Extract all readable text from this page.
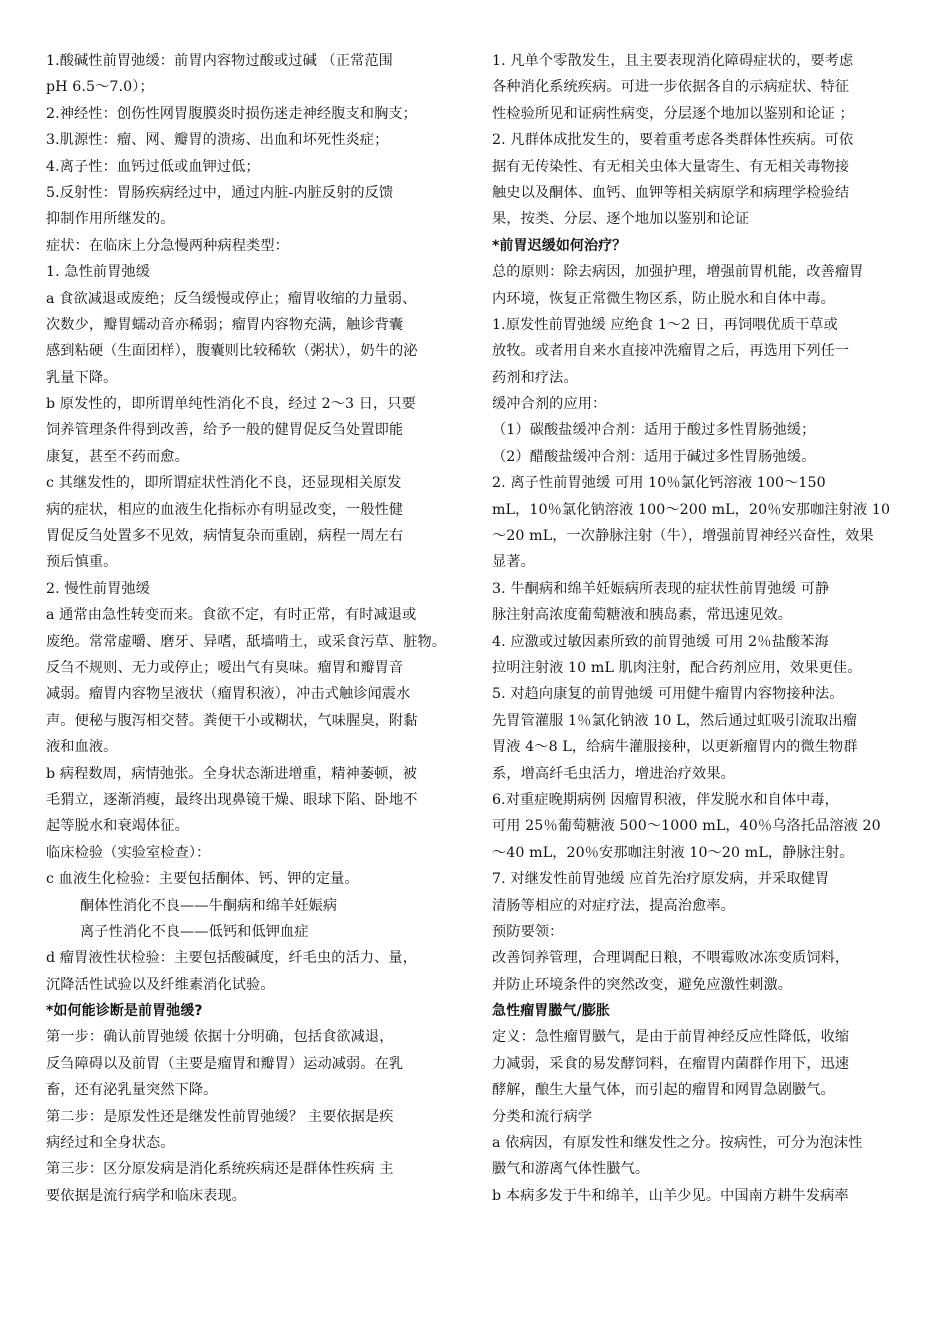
1.酸碱性前胃弛缓：前胃内容物过酸或过碱 （正常范围
pH 6.5～7.0）；
2.神经性：创伤性网胃腹膜炎时损伤迷走神经腹支和胸支；
3.肌源性：瘤、网、瓣胃的溃疡、出血和坏死性炎症；
4.离子性：血钙过低或血钾过低；
5.反射性：胃肠疾病经过中，通过内脏-内脏反射的反馈
抑制作用所继发的。
症状：在临床上分急慢两种病程类型：
1. 急性前胃弛缓
a 食欲减退或废绝；反刍缓慢或停止；瘤胃收缩的力量弱、
次数少，瓣胃蠕动音亦稀弱；瘤胃内容物充满，触诊背囊
感到粘硬（生面团样），腹囊则比较稀软（粥状），奶牛的泌
乳量下降。
b 原发性的，即所谓单纯性消化不良，经过 2～3 日，只要
饲养管理条件得到改善，给予一般的健胃促反刍处置即能
康复，甚至不药而愈。
c 其继发性的，即所谓症状性消化不良，还显现相关原发
病的症状，相应的血液生化指标亦有明显改变，一般性健
胃促反刍处置多不见效，病情复杂而重剧，病程一周左右
预后慎重。
2. 慢性前胃弛缓
a 通常由急性转变而来。食欲不定，有时正常，有时减退或
废绝。常常虚嚼、磨牙、异嗜，舐墙啃土，或采食污草、脏物。
反刍不规则、无力或停止；嗳出气有臭味。瘤胃和瓣胃音
减弱。瘤胃内容物呈液状（瘤胃积液），冲击式触诊闻震水
声。便秘与腹泻相交替。粪便干小或糊状，气味腥臭，附黏
液和血液。
b 病程数周，病情弛张。全身状态渐进增重，精神萎顿，被
毛猬立，逐渐消瘦，最终出现鼻镜干燥、眼球下陷、卧地不
起等脱水和衰竭体征。
临床检验（实验室检查）：
c 血液生化检验：主要包括酮体、钙、钾的定量。
酮体性消化不良——牛酮病和绵羊妊娠病
离子性消化不良——低钙和低钾血症
d 瘤胃液性状检验：主要包括酸碱度，纤毛虫的活力、量，
沉降活性试验以及纤维素消化试验。
*如何能诊断是前胃弛缓?
第一步：确认前胃弛缓 依据十分明确，包括食欲减退，
反刍障碍以及前胃（主要是瘤胃和瓣胃）运动减弱。在乳
畜，还有泌乳量突然下降。
第二步：是原发性还是继发性前胃弛缓？ 主要依据是疾
病经过和全身状态。
第三步：区分原发病是消化系统疾病还是群体性疾病 主
要依据是流行病学和临床表现。
1. 凡单个零散发生，且主要表现消化障碍症状的，要考虑
各种消化系统疾病。可进一步依据各自的示病症状、特征
性检验所见和证病性病变，分层逐个地加以鉴别和论证 ；
2. 凡群体成批发生的，要着重考虑各类群体性疾病。可依
据有无传染性、有无相关虫体大量寄生、有无相关毒物接
触史以及酮体、血钙、血钾等相关病原学和病理学检验结
果，按类、分层、逐个地加以鉴别和论证
*前胃迟缓如何治疗？
总的原则：除去病因，加强护理，增强前胃机能，改善瘤胃
内环境，恢复正常微生物区系，防止脱水和自体中毒。
1.原发性前胃弛缓 应绝食 1～2 日，再饲喂优质干草或
放牧。或者用自来水直接冲洗瘤胃之后，再选用下列任一
药剂和疗法。
缓冲合剂的应用：
（1）碳酸盐缓冲合剂：适用于酸过多性胃肠弛缓；
（2）醋酸盐缓冲合剂：适用于碱过多性胃肠弛缓。
2. 离子性前胃弛缓 可用 10％氯化钙溶液 100～150
mL，10％氯化钠溶液 100～200 mL，20％安那咖注射液 10
～20 mL，一次静脉注射（牛），增强前胃神经兴奋性，效果
显著。
3. 牛酮病和绵羊妊娠病所表现的症状性前胃弛缓 可静
脉注射高浓度葡萄糖液和胰岛素，常迅速见效。
4. 应激或过敏因素所致的前胃弛缓 可用 2％盐酸苯海
拉明注射液 10 mL 肌肉注射，配合药剂应用，效果更佳。
5. 对趋向康复的前胃弛缓 可用健牛瘤胃内容物接种法。
先胃管灌服 1％氯化钠液 10 L，然后通过虹吸引流取出瘤
胃液 4～8 L，给病牛灌服接种，以更新瘤胃内的微生物群
系，增高纤毛虫活力，增进治疗效果。
6.对重症晚期病例 因瘤胃积液，伴发脱水和自体中毒，
可用 25％葡萄糖液 500～1000 mL，40％乌洛托品溶液 20
～40 mL，20％安那咖注射液 10～20 mL，静脉注射。
7. 对继发性前胃弛缓 应首先治疗原发病，并采取健胃
清肠等相应的对症疗法，提高治愈率。
预防要领：
改善饲养管理，合理调配日粮，不喂霉败冰冻变质饲料，
并防止环境条件的突然改变，避免应激性刺激。
急性瘤胃臌气/膨胀
定义：急性瘤胃臌气，是由于前胃神经反应性降低，收缩
力减弱，采食的易发酵饲料，在瘤胃内菌群作用下，迅速
酵解，酿生大量气体，而引起的瘤胃和网胃急剧臌气。
分类和流行病学
a 依病因，有原发性和继发性之分。按病性，可分为泡沫性
臌气和游离气体性臌气。
b 本病多发于牛和绵羊，山羊少见。中国南方耕牛发病率
